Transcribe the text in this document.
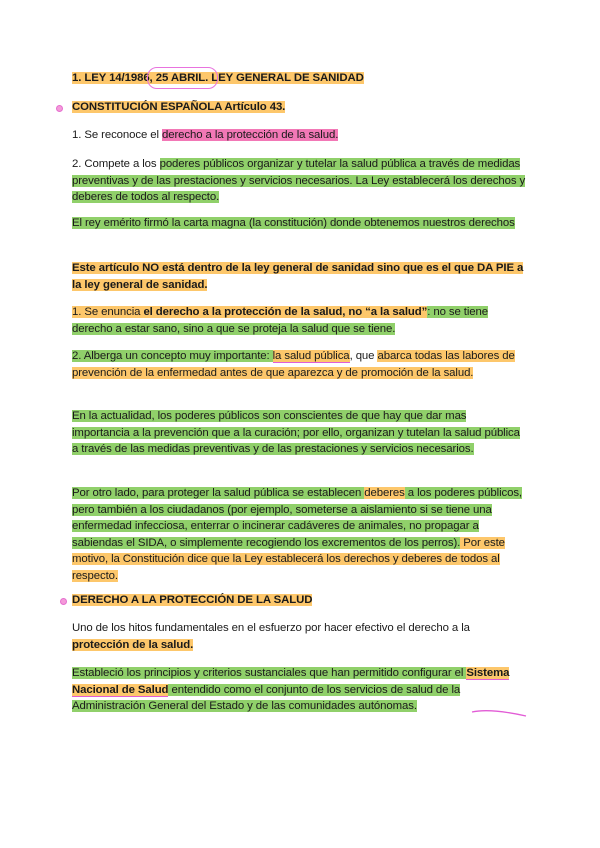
1. LEY 14/1986, 25 ABRIL. LEY GENERAL DE SANIDAD
CONSTITUCIÓN ESPAÑOLA Artículo 43.
1. Se reconoce el derecho a la protección de la salud.
2. Compete a los poderes públicos organizar y tutelar la salud pública a través de medidas preventivas y de las prestaciones y servicios necesarios. La Ley establecerá los derechos y deberes de todos al respecto.
El rey emérito firmó la carta magna (la constitución) donde obtenemos nuestros derechos
Este artículo NO está dentro de la ley general de sanidad sino que es el que DA PIE a la ley general de sanidad.
1. Se enuncia el derecho a la protección de la salud, no “a la salud”: no se tiene derecho a estar sano, sino a que se proteja la salud que se tiene.
2. Alberga un concepto muy importante: la salud pública, que abarca todas las labores de prevención de la enfermedad antes de que aparezca y de promoción de la salud.
En la actualidad, los poderes públicos son conscientes de que hay que dar mas importancia a la prevención que a la curación; por ello, organizan y tutelan la salud pública a través de las medidas preventivas y de las prestaciones y servicios necesarios.
Por otro lado, para proteger la salud pública se establecen deberes a los poderes públicos, pero también a los ciudadanos (por ejemplo, someterse a aislamiento si se tiene una enfermedad infecciosa, enterrar o incinerar cadáveres de animales, no propagar a sabiendas el SIDA, o simplemente recogiendo los excrementos de los perros). Por este motivo, la Constitución dice que la Ley establecerá los derechos y deberes de todos al respecto.
DERECHO A LA PROTECCIÓN DE LA SALUD
Uno de los hitos fundamentales en el esfuerzo por hacer efectivo el derecho a la protección de la salud.
Estableció los principios y criterios sustanciales que han permitido configurar el Sistema Nacional de Salud entendido como el conjunto de los servicios de salud de la Administración General del Estado y de las comunidades autónomas.
